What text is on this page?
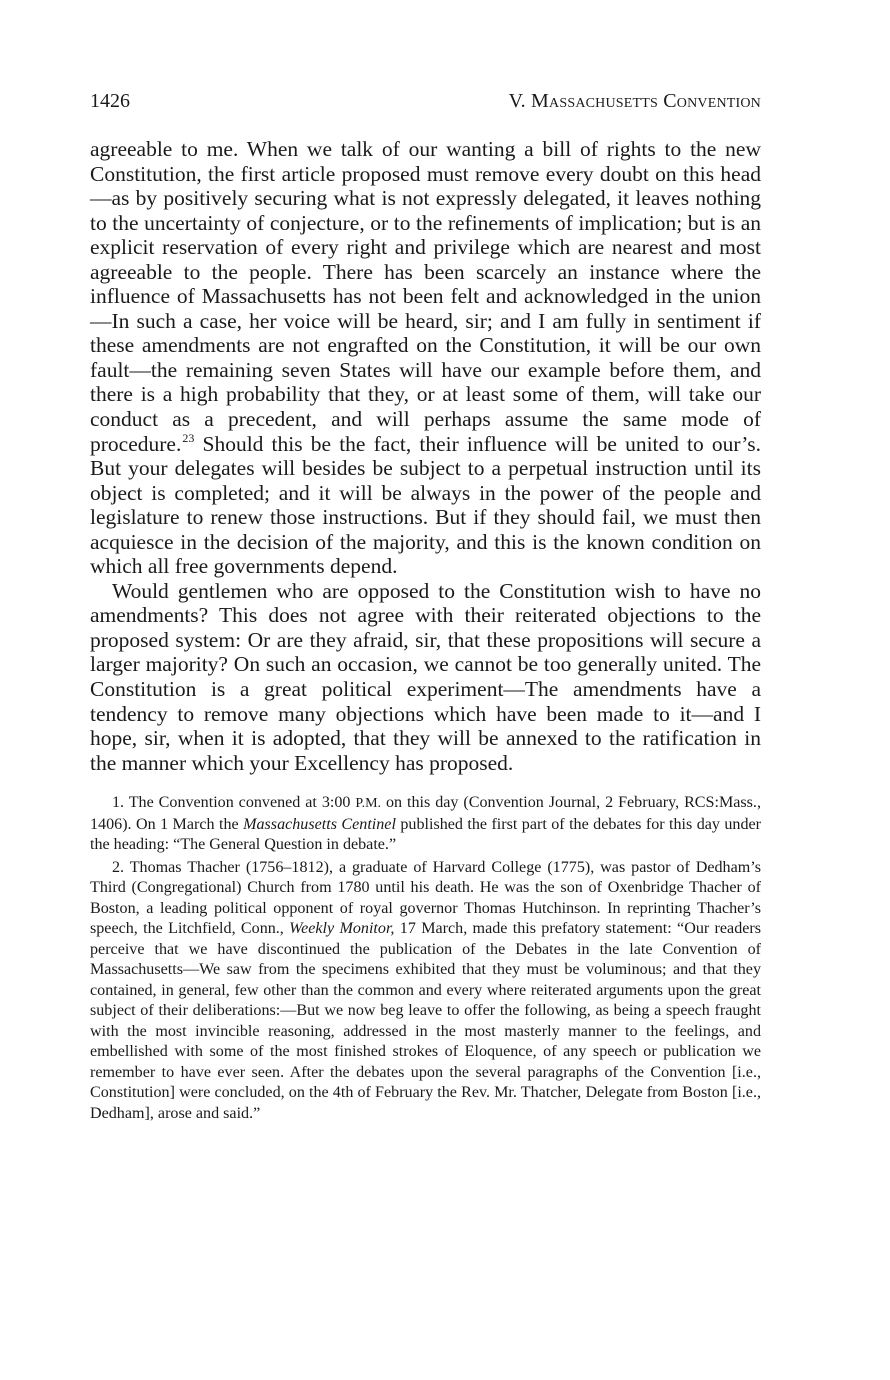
1426	V. Massachusetts Convention

agreeable to me. When we talk of our wanting a bill of rights to the new Constitution, the first article proposed must remove every doubt on this head—as by positively securing what is not expressly delegated, it leaves nothing to the uncertainty of conjecture, or to the refinements of implication; but is an explicit reservation of every right and privilege which are nearest and most agreeable to the people. There has been scarcely an instance where the influence of Massachusetts has not been felt and acknowledged in the union—In such a case, her voice will be heard, sir; and I am fully in sentiment if these amendments are not engrafted on the Constitution, it will be our own fault—the remaining seven States will have our example before them, and there is a high probability that they, or at least some of them, will take our conduct as a precedent, and will perhaps assume the same mode of procedure.$^{23}$ Should this be the fact, their influence will be united to our’s. But your delegates will besides be subject to a perpetual instruction until its object is completed; and it will be always in the power of the people and legislature to renew those instructions. But if they should fail, we must then acquiesce in the decision of the majority, and this is the known condition on which all free governments depend.

Would gentlemen who are opposed to the Constitution wish to have no amendments? This does not agree with their reiterated objections to the proposed system: Or are they afraid, sir, that these propositions will secure a larger majority? On such an occasion, we cannot be too generally united. The Constitution is a great political experiment—The amendments have a tendency to remove many objections which have been made to it—and I hope, sir, when it is adopted, that they will be annexed to the ratification in the manner which your Excellency has proposed.

1. The Convention convened at 3:00 P.M. on this day (Convention Journal, 2 February, RCS:Mass., 1406). On 1 March the Massachusetts Centinel published the first part of the debates for this day under the heading: “The General Question in debate.”

2. Thomas Thacher (1756–1812), a graduate of Harvard College (1775), was pastor of Dedham’s Third (Congregational) Church from 1780 until his death. He was the son of Oxenbridge Thacher of Boston, a leading political opponent of royal governor Thomas Hutchinson. In reprinting Thacher’s speech, the Litchfield, Conn., Weekly Monitor, 17 March, made this prefatory statement: “Our readers perceive that we have discontinued the publication of the Debates in the late Convention of Massachusetts—We saw from the specimens exhibited that they must be voluminous; and that they contained, in general, few other than the common and every where reiterated arguments upon the great subject of their deliberations:—But we now beg leave to offer the following, as being a speech fraught with the most invincible reasoning, addressed in the most masterly manner to the feelings, and embellished with some of the most finished strokes of Eloquence, of any speech or publication we remember to have ever seen. After the debates upon the several paragraphs of the Convention [i.e., Constitution] were concluded, on the 4th of February the Rev. Mr. Thatcher, Delegate from Boston [i.e., Dedham], arose and said.”
